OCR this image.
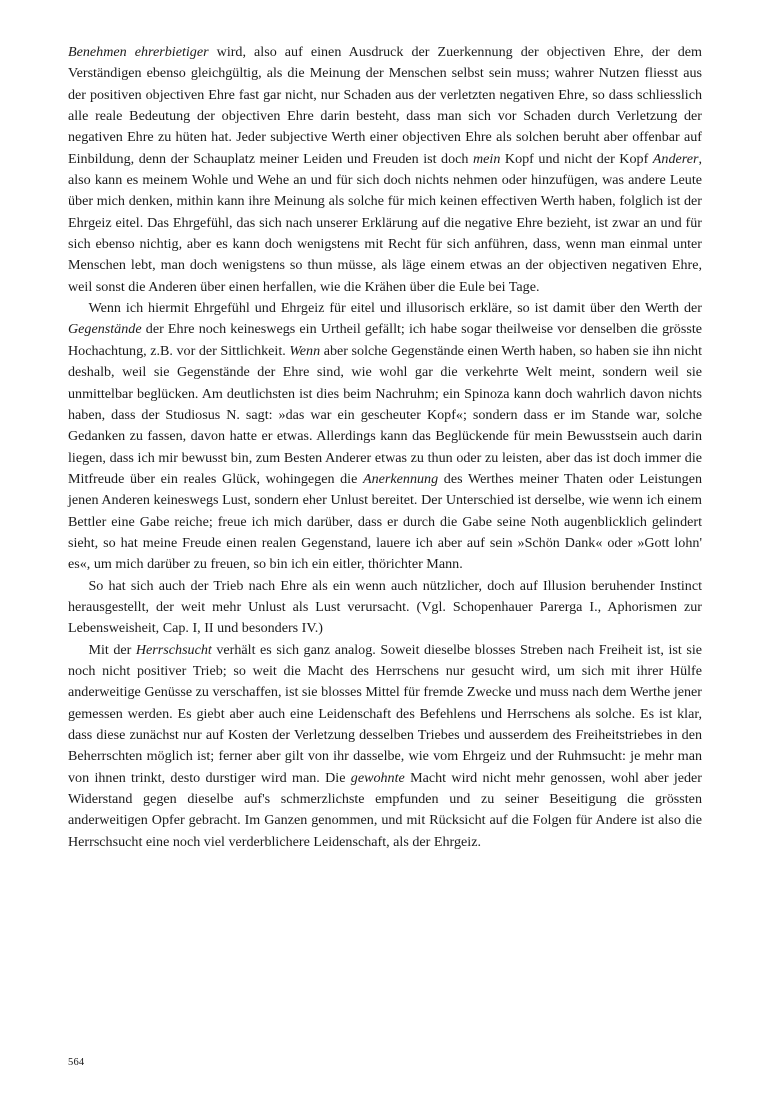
Benehmen ehrerbietiger wird, also auf einen Ausdruck der Zuerkennung der objectiven Ehre, der dem Verständigen ebenso gleichgültig, als die Meinung der Menschen selbst sein muss; wahrer Nutzen fliesst aus der positiven objectiven Ehre fast gar nicht, nur Schaden aus der verletzten negativen Ehre, so dass schliesslich alle reale Bedeutung der objectiven Ehre darin besteht, dass man sich vor Schaden durch Verletzung der negativen Ehre zu hüten hat. Jeder subjective Werth einer objectiven Ehre als solchen beruht aber offenbar auf Einbildung, denn der Schauplatz meiner Leiden und Freuden ist doch mein Kopf und nicht der Kopf Anderer, also kann es meinem Wohle und Wehe an und für sich doch nichts nehmen oder hinzufügen, was andere Leute über mich denken, mithin kann ihre Meinung als solche für mich keinen effectiven Werth haben, folglich ist der Ehrgeiz eitel. Das Ehrgefühl, das sich nach unserer Erklärung auf die negative Ehre bezieht, ist zwar an und für sich ebenso nichtig, aber es kann doch wenigstens mit Recht für sich anführen, dass, wenn man einmal unter Menschen lebt, man doch wenigstens so thun müsse, als läge einem etwas an der objectiven negativen Ehre, weil sonst die Anderen über einen herfallen, wie die Krähen über die Eule bei Tage.

Wenn ich hiermit Ehrgefühl und Ehrgeiz für eitel und illusorisch erkläre, so ist damit über den Werth der Gegenstände der Ehre noch keineswegs ein Urtheil gefällt; ich habe sogar theilweise vor denselben die grösste Hochachtung, z.B. vor der Sittlichkeit. Wenn aber solche Gegenstände einen Werth haben, so haben sie ihn nicht deshalb, weil sie Gegenstände der Ehre sind, wie wohl gar die verkehrte Welt meint, sondern weil sie unmittelbar beglücken. Am deutlichsten ist dies beim Nachruhm; ein Spinoza kann doch wahrlich davon nichts haben, dass der Studiosus N. sagt: »das war ein gescheuter Kopf«; sondern dass er im Stande war, solche Gedanken zu fassen, davon hatte er etwas. Allerdings kann das Beglückende für mein Bewusstsein auch darin liegen, dass ich mir bewusst bin, zum Besten Anderer etwas zu thun oder zu leisten, aber das ist doch immer die Mitfreude über ein reales Glück, wohingegen die Anerkennung des Werthes meiner Thaten oder Leistungen jenen Anderen keineswegs Lust, sondern eher Unlust bereitet. Der Unterschied ist derselbe, wie wenn ich einem Bettler eine Gabe reiche; freue ich mich darüber, dass er durch die Gabe seine Noth augenblicklich gelindert sieht, so hat meine Freude einen realen Gegenstand, lauere ich aber auf sein »Schön Dank« oder »Gott lohn' es«, um mich darüber zu freuen, so bin ich ein eitler, thörichter Mann.

So hat sich auch der Trieb nach Ehre als ein wenn auch nützlicher, doch auf Illusion beruhender Instinct herausgestellt, der weit mehr Unlust als Lust verursacht. (Vgl. Schopenhauer Parerga I., Aphorismen zur Lebensweisheit, Cap. I, II und besonders IV.)

Mit der Herrschsucht verhält es sich ganz analog. Soweit dieselbe blosses Streben nach Freiheit ist, ist sie noch nicht positiver Trieb; so weit die Macht des Herrschens nur gesucht wird, um sich mit ihrer Hülfe anderweitige Genüsse zu verschaffen, ist sie blosses Mittel für fremde Zwecke und muss nach dem Werthe jener gemessen werden. Es giebt aber auch eine Leidenschaft des Befehlens und Herrschens als solche. Es ist klar, dass diese zunächst nur auf Kosten der Verletzung desselben Triebes und ausserdem des Freiheitstriebes in den Beherrschten möglich ist; ferner aber gilt von ihr dasselbe, wie vom Ehrgeiz und der Ruhmsucht: je mehr man von ihnen trinkt, desto durstiger wird man. Die gewohnte Macht wird nicht mehr genossen, wohl aber jeder Widerstand gegen dieselbe auf's schmerzlichste empfunden und zu seiner Beseitigung die grössten anderweitigen Opfer gebracht. Im Ganzen genommen, und mit Rücksicht auf die Folgen für Andere ist also die Herrschsucht eine noch viel verderblichere Leidenschaft, als der Ehrgeiz.

564
